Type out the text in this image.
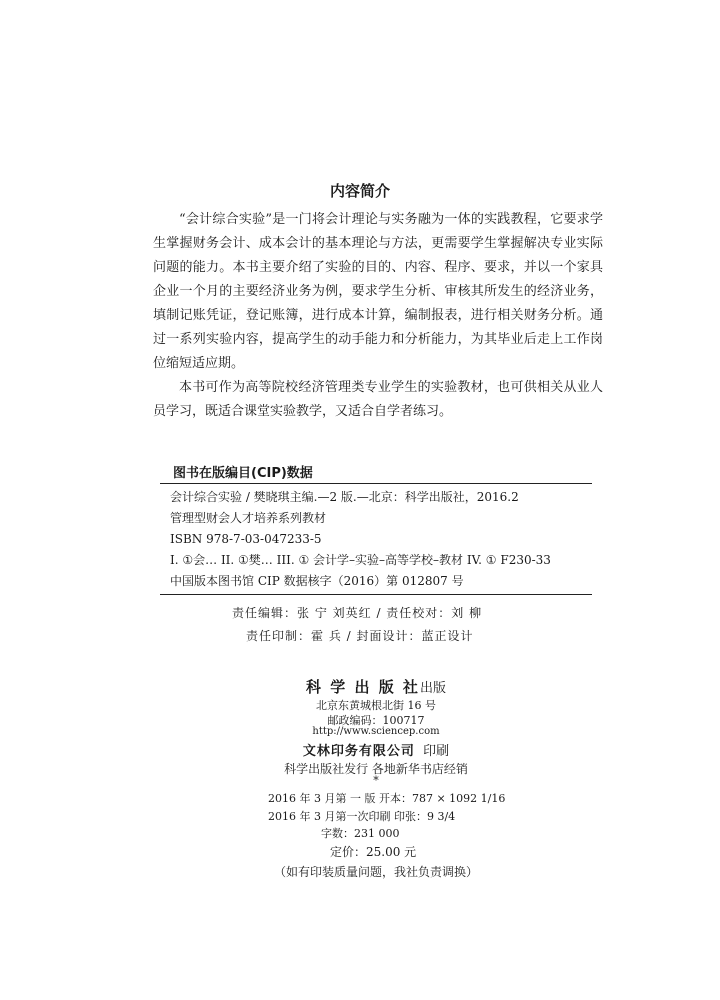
内容简介

“会计综合实验”是一门将会计理论与实务融为一体的实践教程，它要求学生掌握财务会计、成本会计的基本理论与方法，更需要学生掌握解决专业实际问题的能力。本书主要介绍了实验的目的、内容、程序、要求，并以一个家具企业一个月的主要经济业务为例，要求学生分析、审核其所发生的经济业务，填制记账凭证，登记账簿，进行成本计算，编制报表，进行相关财务分析。通过一系列实验内容，提高学生的动手能力和分析能力，为其毕业后走上工作岗位缩短适应期。

本书可作为高等院校经济管理类专业学生的实验教材，也可供相关从业人员学习，既适合课堂实验教学，又适合自学者练习。

图书在版编目(CIP)数据
会计综合实验 / 樊晓琪主编.—2 版.—北京：科学出版社，2016.2
管理型财会人才培养系列教材
ISBN 978-7-03-047233-5
I. ①会… II. ①樊… III. ① 会计学–实验–高等学校–教材 IV. ① F230-33
中国版本图书馆 CIP 数据核字（2016）第 012807 号
责任编辑：张 宁 刘英红 / 责任校对：刘 柳
责任印制：霍 兵 / 封面设计：蓝正设计
科 学 出 版 社出版
北京东黄城根北街 16 号
邮政编码：100717
http://www.sciencep.com
文林印务有限公司 印刷
科学出版社发行 各地新华书店经销
*
2016 年 3 月第 一 版 开本：787 × 1092 1/16
2016 年 3 月第一次印刷 印张：9 3/4
字数：231 000
定价：25.00 元
（如有印装质量问题，我社负责调换）
